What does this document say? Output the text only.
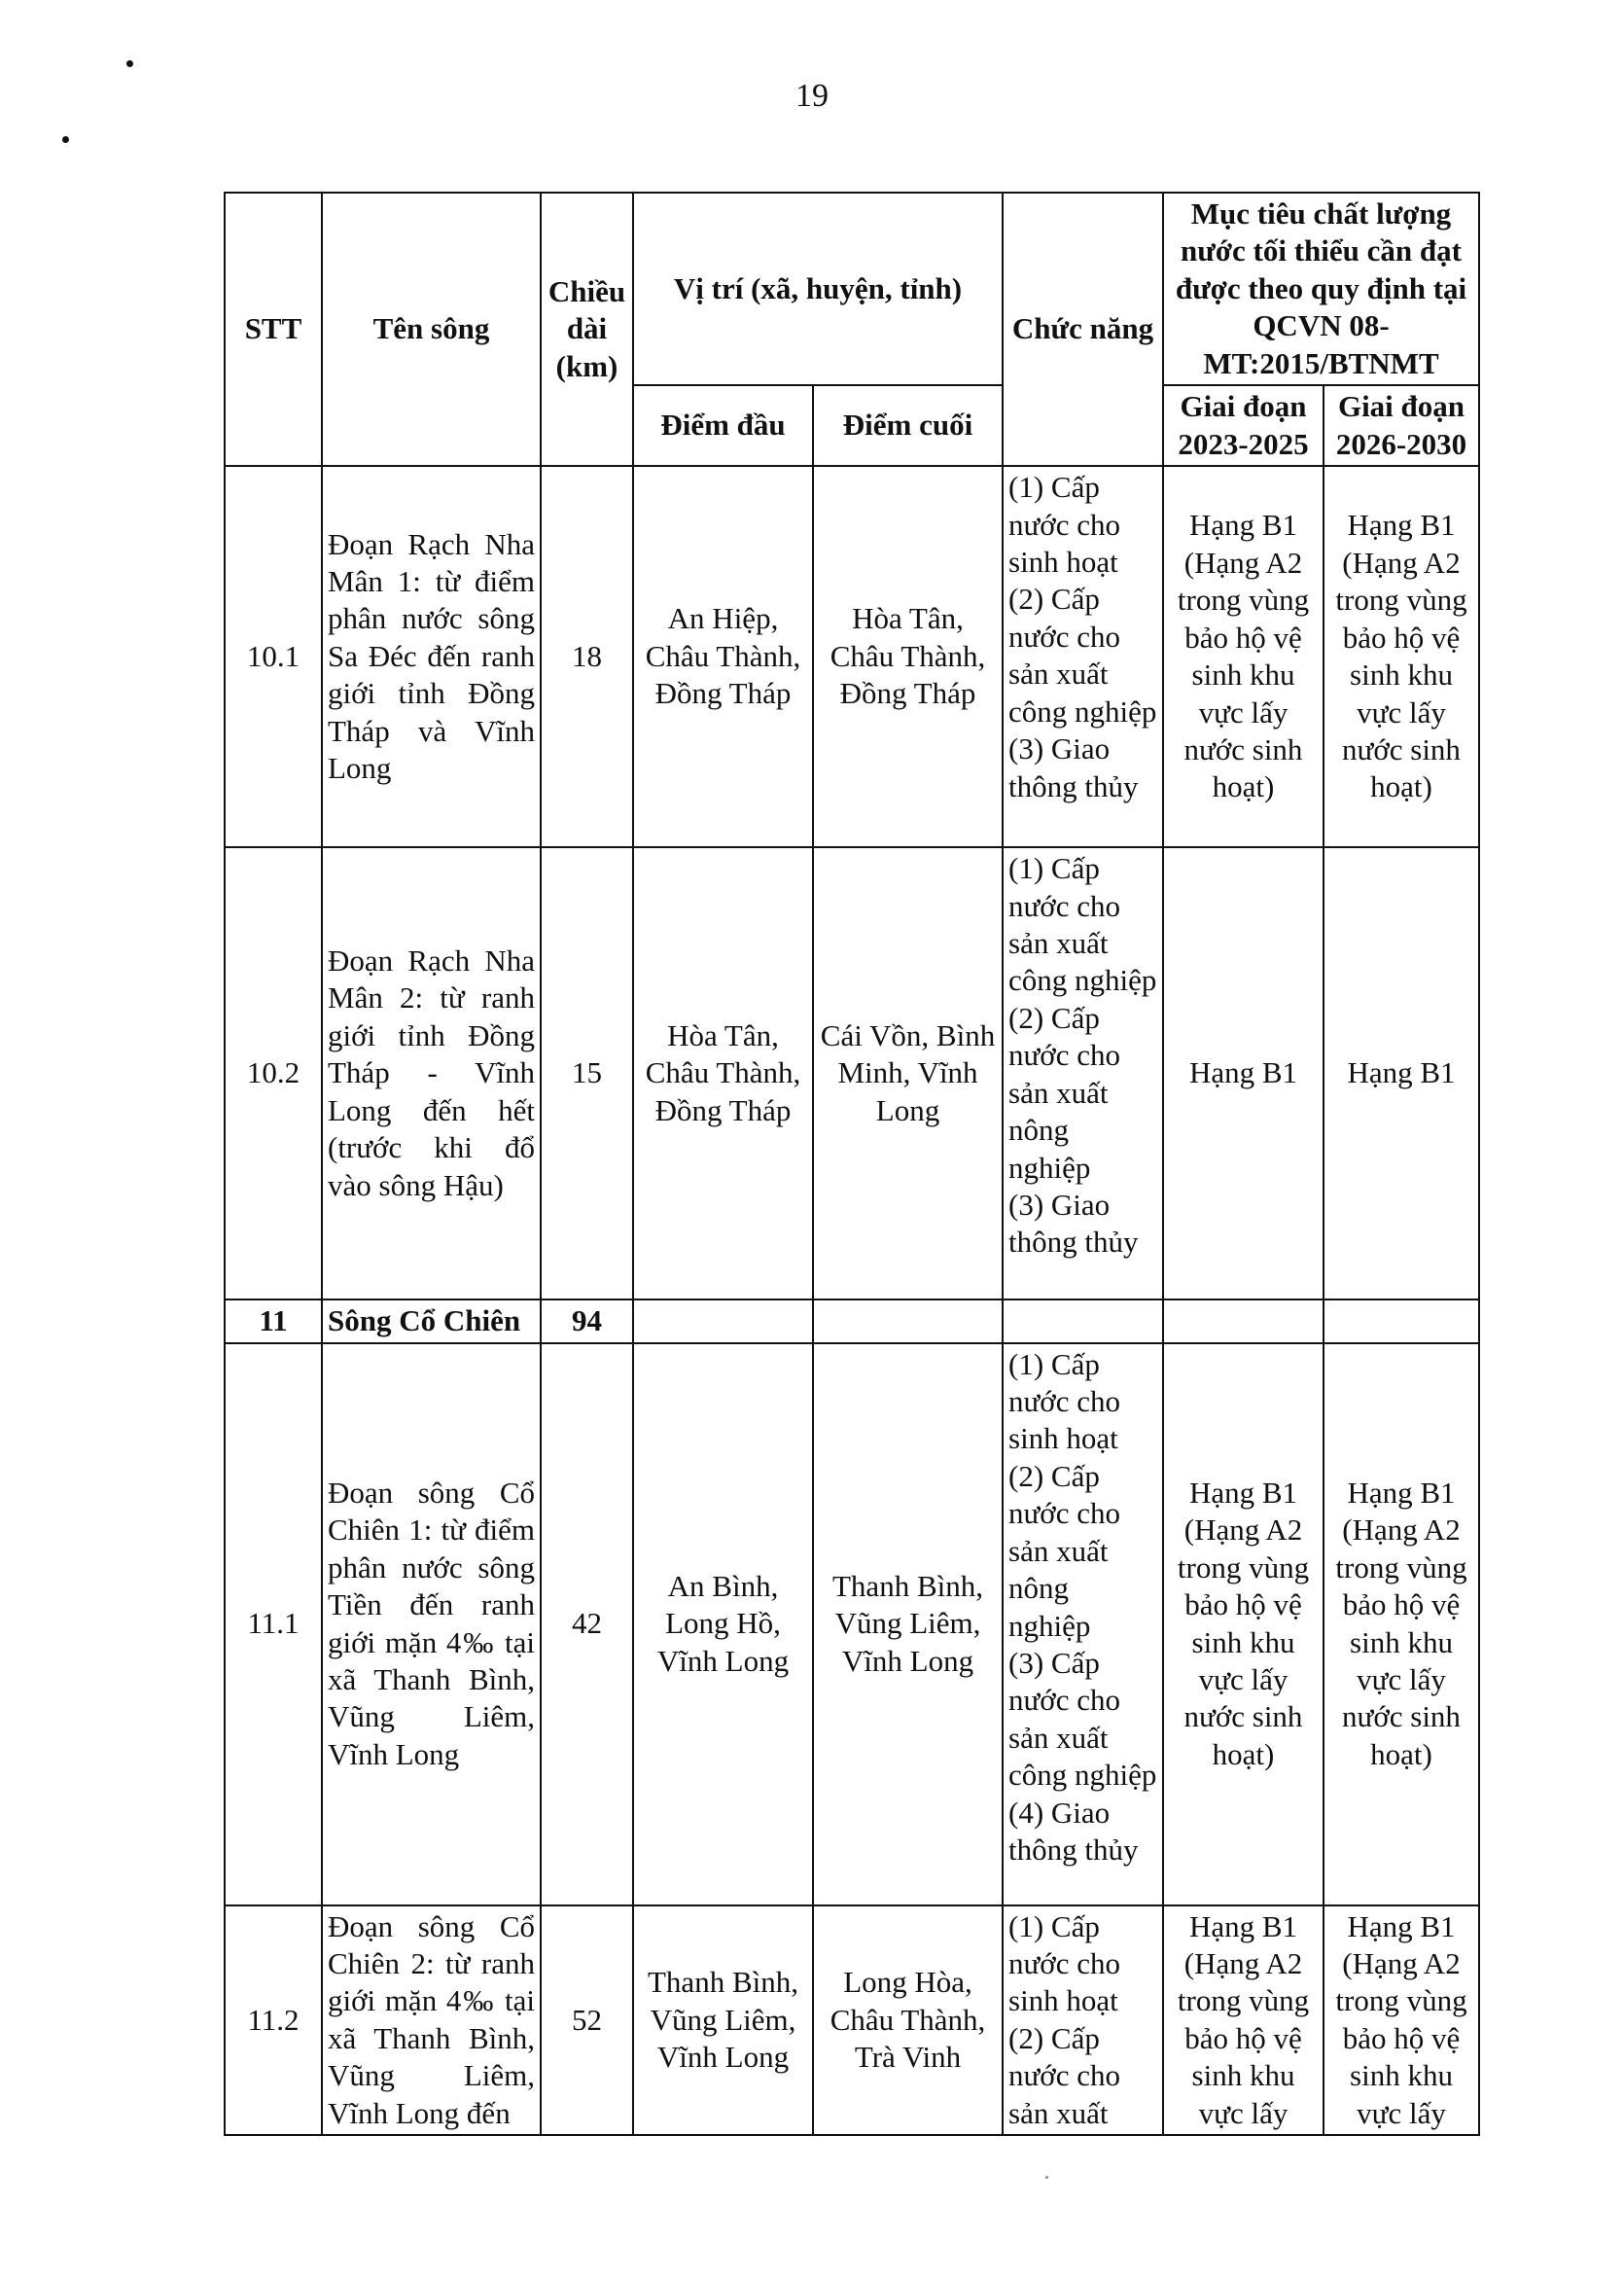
19
STT	Tên sông	Chiều dài (km)	Vị trí (xã, huyện, tỉnh)		Chức năng	Mục tiêu chất lượng nước tối thiểu cần đạt được theo quy định tại QCVN 08-MT:2015/BTNMT	
			Điểm đầu	Điểm cuối		Giai đoạn 2023-2025	Giai đoạn 2026-2030
10.1	Đoạn Rạch Nha Mân 1: từ điểm phân nước sông Sa Đéc đến ranh giới tỉnh Đồng Tháp và Vĩnh Long	18	An Hiệp, Châu Thành, Đồng Tháp	Hòa Tân, Châu Thành, Đồng Tháp	(1) Cấp nước cho sinh hoạt
(2) Cấp nước cho sản xuất công nghiệp
(3) Giao thông thủy	Hạng B1 (Hạng A2 trong vùng bảo hộ vệ sinh khu vực lấy nước sinh hoạt)	Hạng B1 (Hạng A2 trong vùng bảo hộ vệ sinh khu vực lấy nước sinh hoạt)
10.2	Đoạn Rạch Nha Mân 2: từ ranh giới tỉnh Đồng Tháp - Vĩnh Long đến hết (trước khi đổ vào sông Hậu)	15	Hòa Tân, Châu Thành, Đồng Tháp	Cái Vồn, Bình Minh, Vĩnh Long	(1) Cấp nước cho sản xuất công nghiệp
(2) Cấp nước cho sản xuất nông nghiệp
(3) Giao thông thủy	Hạng B1	Hạng B1
11	Sông Cổ Chiên	94					
11.1	Đoạn sông Cổ Chiên 1: từ điểm phân nước sông Tiền đến ranh giới mặn 4‰ tại xã Thanh Bình, Vũng Liêm, Vĩnh Long	42	An Bình, Long Hồ, Vĩnh Long	Thanh Bình, Vũng Liêm, Vĩnh Long	(1) Cấp nước cho sinh hoạt
(2) Cấp nước cho sản xuất nông nghiệp
(3) Cấp nước cho sản xuất công nghiệp
(4) Giao thông thủy	Hạng B1 (Hạng A2 trong vùng bảo hộ vệ sinh khu vực lấy nước sinh hoạt)	Hạng B1 (Hạng A2 trong vùng bảo hộ vệ sinh khu vực lấy nước sinh hoạt)
11.2	Đoạn sông Cổ Chiên 2: từ ranh giới mặn 4‰ tại xã Thanh Bình, Vũng Liêm, Vĩnh Long đến	52	Thanh Bình, Vũng Liêm, Vĩnh Long	Long Hòa, Châu Thành, Trà Vinh	(1) Cấp nước cho sinh hoạt
(2) Cấp nước cho sản xuất	Hạng B1 (Hạng A2 trong vùng bảo hộ vệ sinh khu vực lấy	Hạng B1 (Hạng A2 trong vùng bảo hộ vệ sinh khu vực lấy
